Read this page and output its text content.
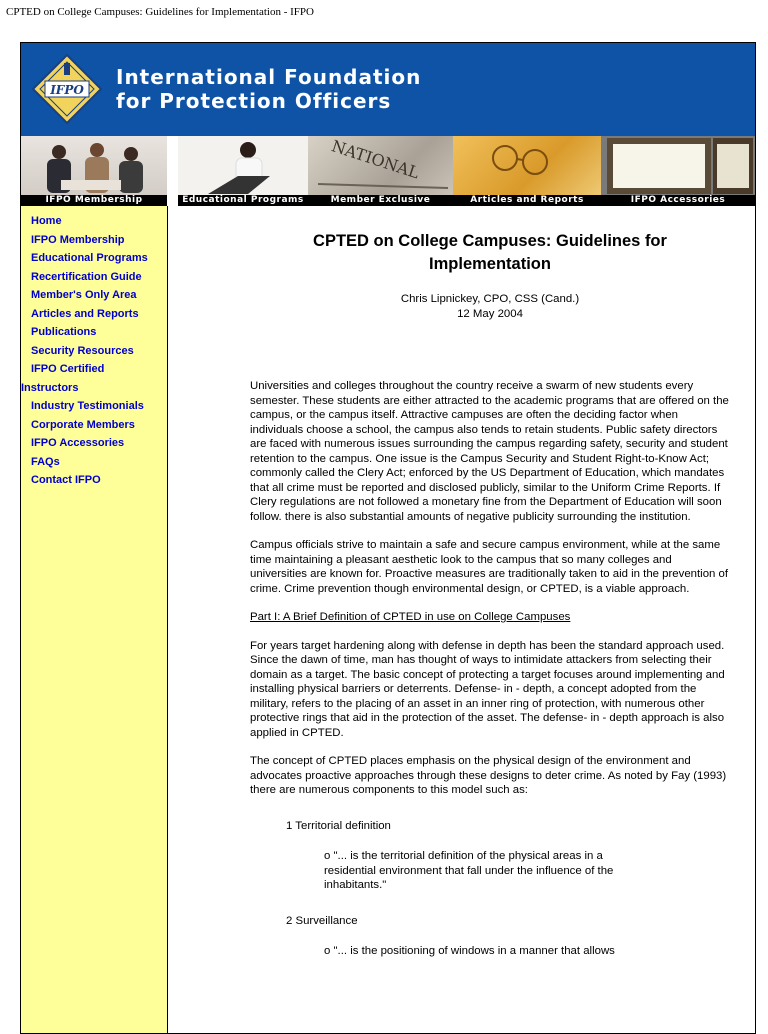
CPTED on College Campuses: Guidelines for Implementation - IFPO
IFPO
International Foundation
for Protection Officers
IFPO Membership	Educational Programs
NATIONAL
Member Exclusive	Articles and Reports	IFPO Accessories
Home
IFPO Membership
Educational Programs
Recertification Guide
Member's Only Area
Articles and Reports
Publications
Security Resources
IFPO Certified
Instructors
Industry Testimonials
Corporate Members
IFPO Accessories
FAQs
Contact IFPO
CPTED on College Campuses: Guidelines for Implementation
Chris Lipnickey, CPO, CSS (Cand.)
12 May 2004

Universities and colleges throughout the country receive a swarm of new students every semester. These students are either attracted to the academic programs that are offered on the campus, or the campus itself. Attractive campuses are often the deciding factor when individuals choose a school, the campus also tends to retain students. Public safety directors are faced with numerous issues surrounding the campus regarding safety, security and student retention to the campus. One issue is the Campus Security and Student Right-to-Know Act; commonly called the Clery Act; enforced by the US Department of Education, which mandates that all crime must be reported and disclosed publicly, similar to the Uniform Crime Reports. If Clery regulations are not followed a monetary fine from the Department of Education will soon follow. there is also substantial amounts of negative publicity surrounding the institution.

Campus officials strive to maintain a safe and secure campus environment, while at the same time maintaining a pleasant aesthetic look to the campus that so many colleges and universities are known for. Proactive measures are traditionally taken to aid in the prevention of crime. Crime prevention though environmental design, or CPTED, is a viable approach.

Part I: A Brief Definition of CPTED in use on College Campuses

For years target hardening along with defense in depth has been the standard approach used. Since the dawn of time, man has thought of ways to intimidate attackers from selecting their domain as a target. The basic concept of protecting a target focuses around implementing and installing physical barriers or deterrents. Defense- in - depth, a concept adopted from the military, refers to the placing of an asset in an inner ring of protection, with numerous other protective rings that aid in the protection of the asset. The defense- in - depth approach is also applied in CPTED.

The concept of CPTED places emphasis on the physical design of the environment and advocates proactive approaches through these designs to deter crime. As noted by Fay (1993) there are numerous components to this model such as:

1 Territorial definition

o "... is the territorial definition of the physical areas in a residential environment that fall under the influence of the inhabitants."

2 Surveillance

o "... is the positioning of windows in a manner that allows
